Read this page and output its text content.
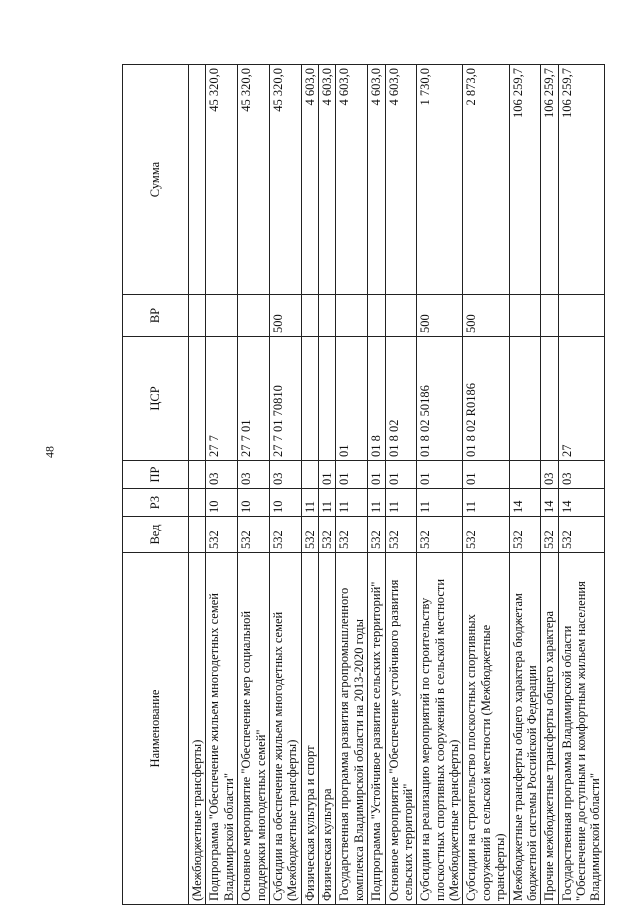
48
Наименование	Вед	РЗ	ПР	ЦСР	ВР	Сумма
(Межбюджетные трансферты)						
Подпрограмма "Обеспечение жильем многодетных семей Владимирской области"	532	10	03	27 7		45 320,0
Основное мероприятие "Обеспечение мер социальной поддержки многодетных семей"	532	10	03	27 7 01		45 320,0
Субсидии на обеспечение жильем многодетных семей (Межбюджетные трансферты)	532	10	03	27 7 01 70810	500	45 320,0
Физическая культура и спорт	532	11				4 603,0
Физическая культура	532	11	01			4 603,0
Государственная программа развития агропромышленного комплекса Владимирской области на 2013-2020 годы	532	11	01	01		4 603,0
Подпрограмма "Устойчивое развитие сельских территорий"	532	11	01	01 8		4 603,0
Основное мероприятие "Обеспечение устойчивого развития сельских территорий"	532	11	01	01 8 02		4 603,0
Субсидии на реализацию мероприятий по строительству плоскостных спортивных сооружений в сельской местности (Межбюджетные трансферты)	532	11	01	01 8 02 50186	500	1 730,0
Субсидии на строительство плоскостных спортивных сооружений в сельской местности (Межбюджетные трансферты)	532	11	01	01 8 02 R0186	500	2 873,0
Межбюджетные трансферты общего характера бюджетам бюджетной системы Российской Федерации	532	14				106 259,7
Прочие межбюджетные трансферты общего характера	532	14	03			106 259,7
Государственная программа Владимирской области "Обеспечение доступным и комфортным жильем населения Владимирской области"	532	14	03	27		106 259,7
